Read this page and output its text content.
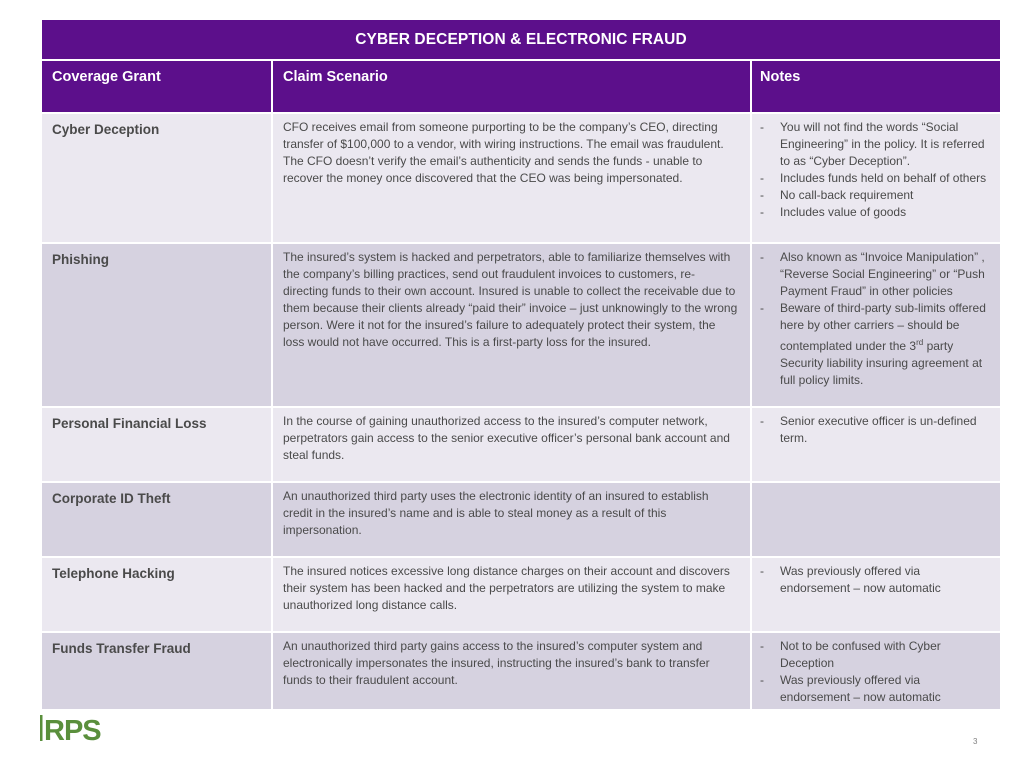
CYBER DECEPTION & ELECTRONIC FRAUD
Coverage Grant	Claim Scenario	Notes
Cyber Deception	CFO receives email from someone purporting to be the company’s CEO, directing transfer of $100,000 to a vendor, with wiring instructions. The email was fraudulent. The CFO doesn’t verify the email’s authenticity and sends the funds - unable to recover the money once discovered that the CEO was being impersonated.
- You will not find the words “Social Engineering” in the policy. It is referred to as “Cyber Deception”.
- Includes funds held on behalf of others
- No call-back requirement
- Includes value of goods
Phishing	The insured’s system is hacked and perpetrators, able to familiarize themselves with the company’s billing practices, send out fraudulent invoices to customers, re-directing funds to their own account. Insured is unable to collect the receivable due to them because their clients already “paid their” invoice – just unknowingly to the wrong person. Were it not for the insured’s failure to adequately protect their system, the loss would not have occurred. This is a first-party loss for the insured.
- Also known as “Invoice Manipulation” , “Reverse Social Engineering” or “Push Payment Fraud” in other policies
- Beware of third-party sub-limits offered here by other carriers – should be contemplated under the 3rd party Security liability insuring agreement at full policy limits.
Personal Financial Loss	In the course of gaining unauthorized access to the insured’s computer network, perpetrators gain access to the senior executive officer’s personal bank account and steal funds.
- Senior executive officer is un-defined term.
Corporate ID Theft	An unauthorized third party uses the electronic identity of an insured to establish credit in the insured’s name and is able to steal money as a result of this impersonation.
Telephone Hacking	The insured notices excessive long distance charges on their account and discovers their system has been hacked and the perpetrators are utilizing the system to make unauthorized long distance calls.
- Was previously offered via endorsement – now automatic
Funds Transfer Fraud	An unauthorized third party gains access to the insured’s computer system and electronically impersonates the insured, instructing the insured’s bank to transfer funds to their fraudulent account.
- Not to be confused with Cyber Deception
- Was previously offered via endorsement – now automatic
RPS	3
